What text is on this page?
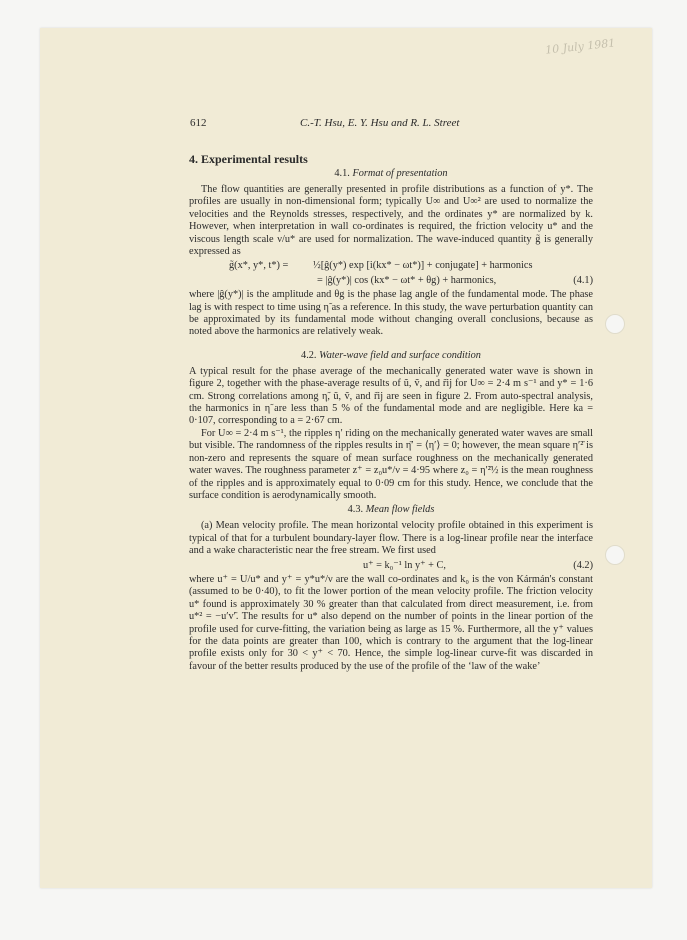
10 July 1981
612	C.-T. Hsu, E. Y. Hsu and R. L. Street
4. Experimental results
4.1. Format of presentation

The flow quantities are generally presented in profile distributions as a function of y*. The profiles are usually in non-dimensional form; typically U∞ and U∞² are used to normalize the velocities and the Reynolds stresses, respectively, and the ordinates y* are normalized by k. However, when interpretation in wall co-ordinates is required, the friction velocity u* and the viscous length scale ν/u* are used for normalization. The wave-induced quantity g̃ is generally expressed as

g̃(x*, y*, t*) = ½[ĝ(y*) exp [i(kx* − ωt*)] + conjugate] + harmonics
= |ĝ(y*)| cos (kx* − ωt* + θg) + harmonics,	(4.1)

where |ĝ(y*)| is the amplitude and θg is the phase lag angle of the fundamental mode. The phase lag is with respect to time using η̃ as a reference. In this study, the wave perturbation quantity can be approximated by its fundamental mode without changing overall conclusions, because as noted above the harmonics are relatively weak.

4.2. Water-wave field and surface condition

A typical result for the phase average of the mechanically generated water wave is shown in figure 2, together with the phase-average results of ũ, ṽ, and r̃ij for U∞ = 2·4 m s⁻¹ and y* = 1·6 cm. Strong correlations among η̃, ũ, ṽ, and r̃ij are seen in figure 2. From auto-spectral analysis, the harmonics in η̃ are less than 5 % of the fundamental mode and are negligible. Here ka = 0·107, corresponding to a = 2·67 cm.

For U∞ = 2·4 m s⁻¹, the ripples η′ riding on the mechanically generated water waves are small but visible. The randomness of the ripples results in η̄′ = ⟨η′⟩ = 0; however, the mean square η′²̄ is non-zero and represents the square of mean surface roughness on the mechanically generated water waves. The roughness parameter z⁺ = z₀u*/ν = 4·95 where z₀ = η′²̄½ is the mean roughness of the ripples and is approximately equal to 0·09 cm for this study. Hence, we conclude that the surface condition is aerodynamically smooth.

4.3. Mean flow fields

(a) Mean velocity profile. The mean horizontal velocity profile obtained in this experiment is typical of that for a turbulent boundary-layer flow. There is a log-linear profile near the interface and a wake characteristic near the free stream. We first used

u⁺ = k₀⁻¹ ln y⁺ + C,	(4.2)

where u⁺ = U/u* and y⁺ = y*u*/ν are the wall co-ordinates and k₀ is the von Kármán's constant (assumed to be 0·40), to fit the lower portion of the mean velocity profile. The friction velocity u* found is approximately 30 % greater than that calculated from direct measurement, i.e. from u*² = −u′v′̄. The results for u* also depend on the number of points in the linear portion of the profile used for curve-fitting, the variation being as large as 15 %. Furthermore, all the y⁺ values for the data points are greater than 100, which is contrary to the argument that the log-linear profile exists only for 30 < y⁺ < 70. Hence, the simple log-linear curve-fit was discarded in favour of the better results produced by the use of the profile of the ‘law of the wake’
